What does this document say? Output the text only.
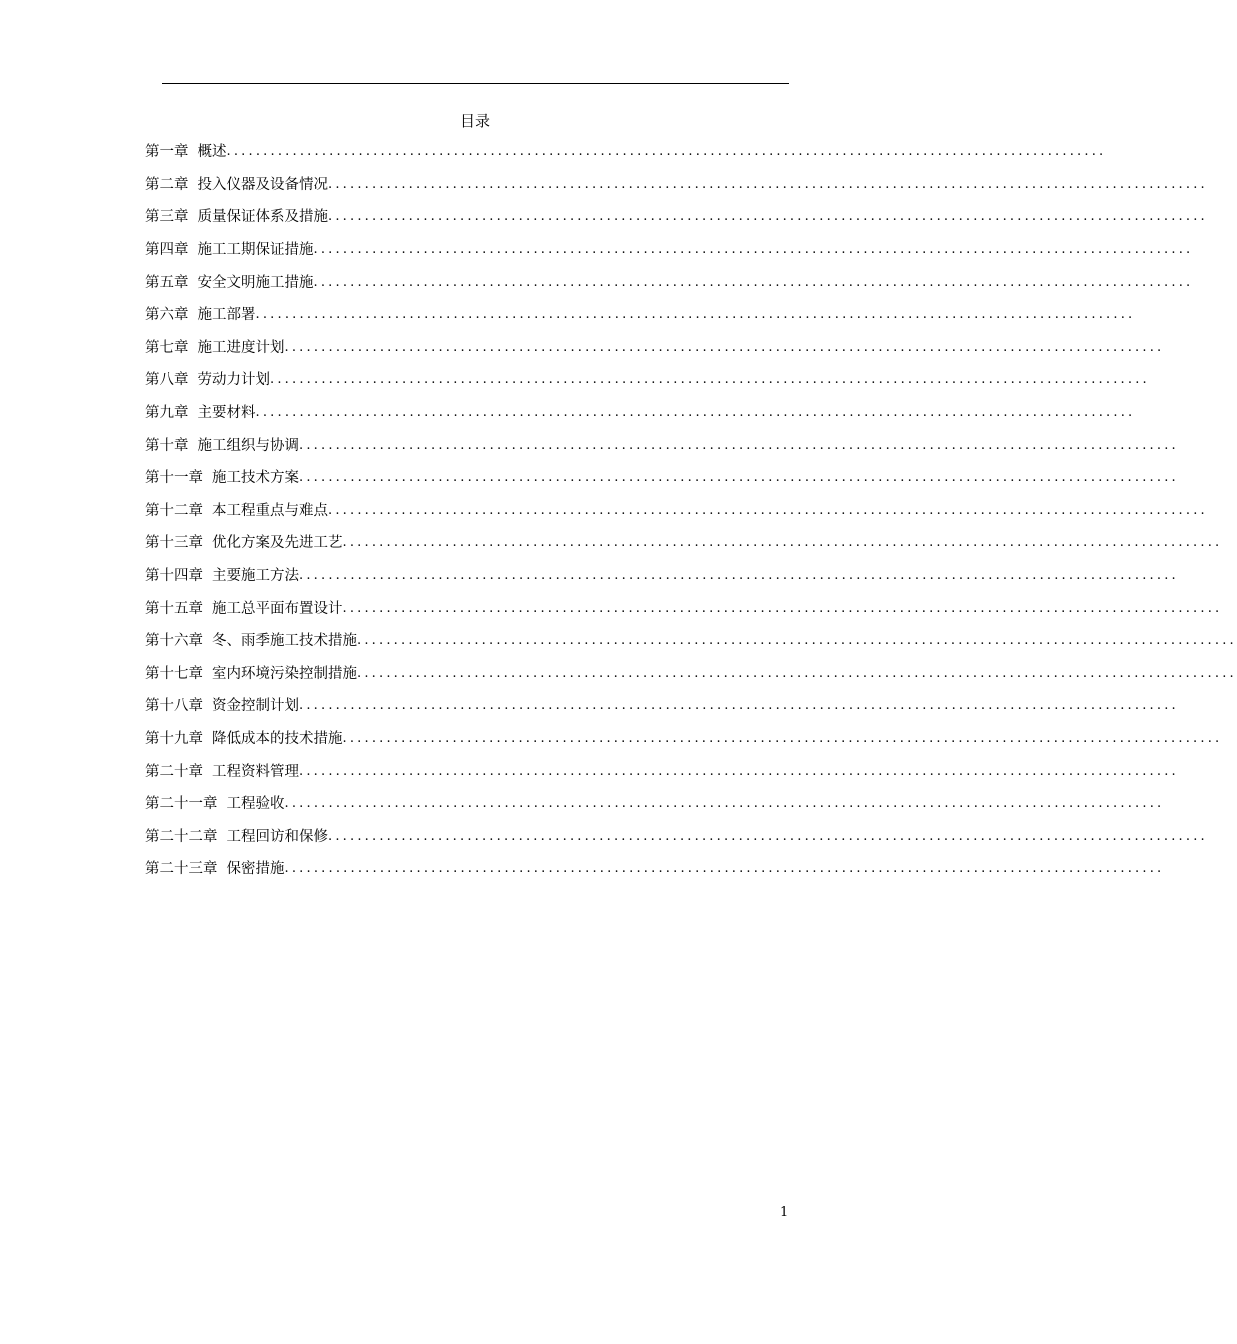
目录
第一章 概述 ........................................................................................................................
第二章 投入仪器及设备情况 ........................................................................................................................
第三章 质量保证体系及措施 ........................................................................................................................
第四章 施工工期保证措施 ........................................................................................................................
第五章 安全文明施工措施 ........................................................................................................................
第六章 施工部署 ........................................................................................................................
第七章 施工进度计划 ........................................................................................................................
第八章 劳动力计划 ........................................................................................................................
第九章 主要材料 ........................................................................................................................
第十章 施工组织与协调 ........................................................................................................................
第十一章 施工技术方案 ........................................................................................................................
第十二章 本工程重点与难点 ........................................................................................................................
第十三章 优化方案及先进工艺 ........................................................................................................................
第十四章 主要施工方法 ........................................................................................................................
第十五章 施工总平面布置设计 ........................................................................................................................
第十六章 冬、雨季施工技术措施 ........................................................................................................................
第十七章 室内环境污染控制措施 ........................................................................................................................
第十八章 资金控制计划 ........................................................................................................................
第十九章 降低成本的技术措施 ........................................................................................................................
第二十章 工程资料管理 ........................................................................................................................
第二十一章 工程验收 ........................................................................................................................
第二十二章 工程回访和保修 ........................................................................................................................
第二十三章 保密措施 ........................................................................................................................
1
